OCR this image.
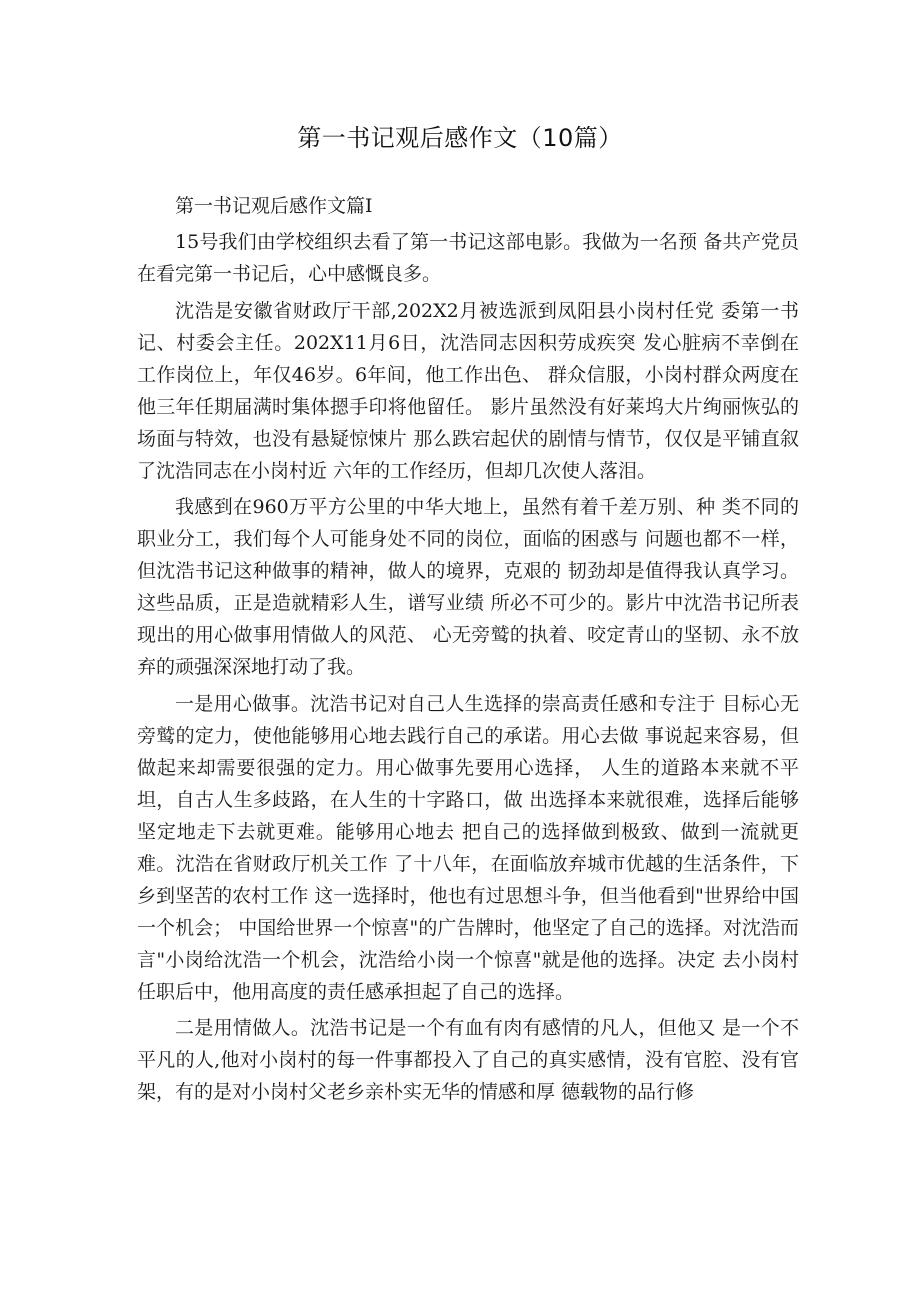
第一书记观后感作文（10篇）

第一书记观后感作文篇I

15号我们由学校组织去看了第一书记这部电影。我做为一名预 备共产党员在看完第一书记后，心中感慨良多。

沈浩是安徽省财政厅干部,202X2月被选派到凤阳县小岗村任党 委第一书记、村委会主任。202X11月6日，沈浩同志因积劳成疾突 发心脏病不幸倒在工作岗位上，年仅46岁。6年间，他工作出色、 群众信服，小岗村群众两度在他三年任期届满时集体摁手印将他留任。 影片虽然没有好莱坞大片绚丽恢弘的场面与特效，也没有悬疑惊悚片 那么跌宕起伏的剧情与情节，仅仅是平铺直叙了沈浩同志在小岗村近 六年的工作经历，但却几次使人落泪。

我感到在960万平方公里的中华大地上，虽然有着千差万别、种 类不同的职业分工，我们每个人可能身处不同的岗位，面临的困惑与 问题也都不一样，但沈浩书记这种做事的精神，做人的境界，克艰的 韧劲却是值得我认真学习。这些品质，正是造就精彩人生，谱写业绩 所必不可少的。影片中沈浩书记所表现出的用心做事用情做人的风范、 心无旁鹫的执着、咬定青山的坚韧、永不放弃的顽强深深地打动了我。

一是用心做事。沈浩书记对自己人生选择的崇高责任感和专注于 目标心无旁鹫的定力，使他能够用心地去践行自己的承诺。用心去做 事说起来容易，但做起来却需要很强的定力。用心做事先要用心选择， 人生的道路本来就不平坦，自古人生多歧路，在人生的十字路口，做 出选择本来就很难，选择后能够坚定地走下去就更难。能够用心地去 把自己的选择做到极致、做到一流就更难。沈浩在省财政厅机关工作 了十八年，在面临放弃城市优越的生活条件，下乡到坚苦的农村工作 这一选择时，他也有过思想斗争，但当他看到"世界给中国一个机会； 中国给世界一个惊喜"的广告牌时，他坚定了自己的选择。对沈浩而 言"小岗给沈浩一个机会，沈浩给小岗一个惊喜"就是他的选择。决定 去小岗村任职后中，他用高度的责任感承担起了自己的选择。

二是用情做人。沈浩书记是一个有血有肉有感情的凡人，但他又 是一个不平凡的人,他对小岗村的每一件事都投入了自己的真实感情，没有官腔、没有官架，有的是对小岗村父老乡亲朴实无华的情感和厚 德载物的品行修
